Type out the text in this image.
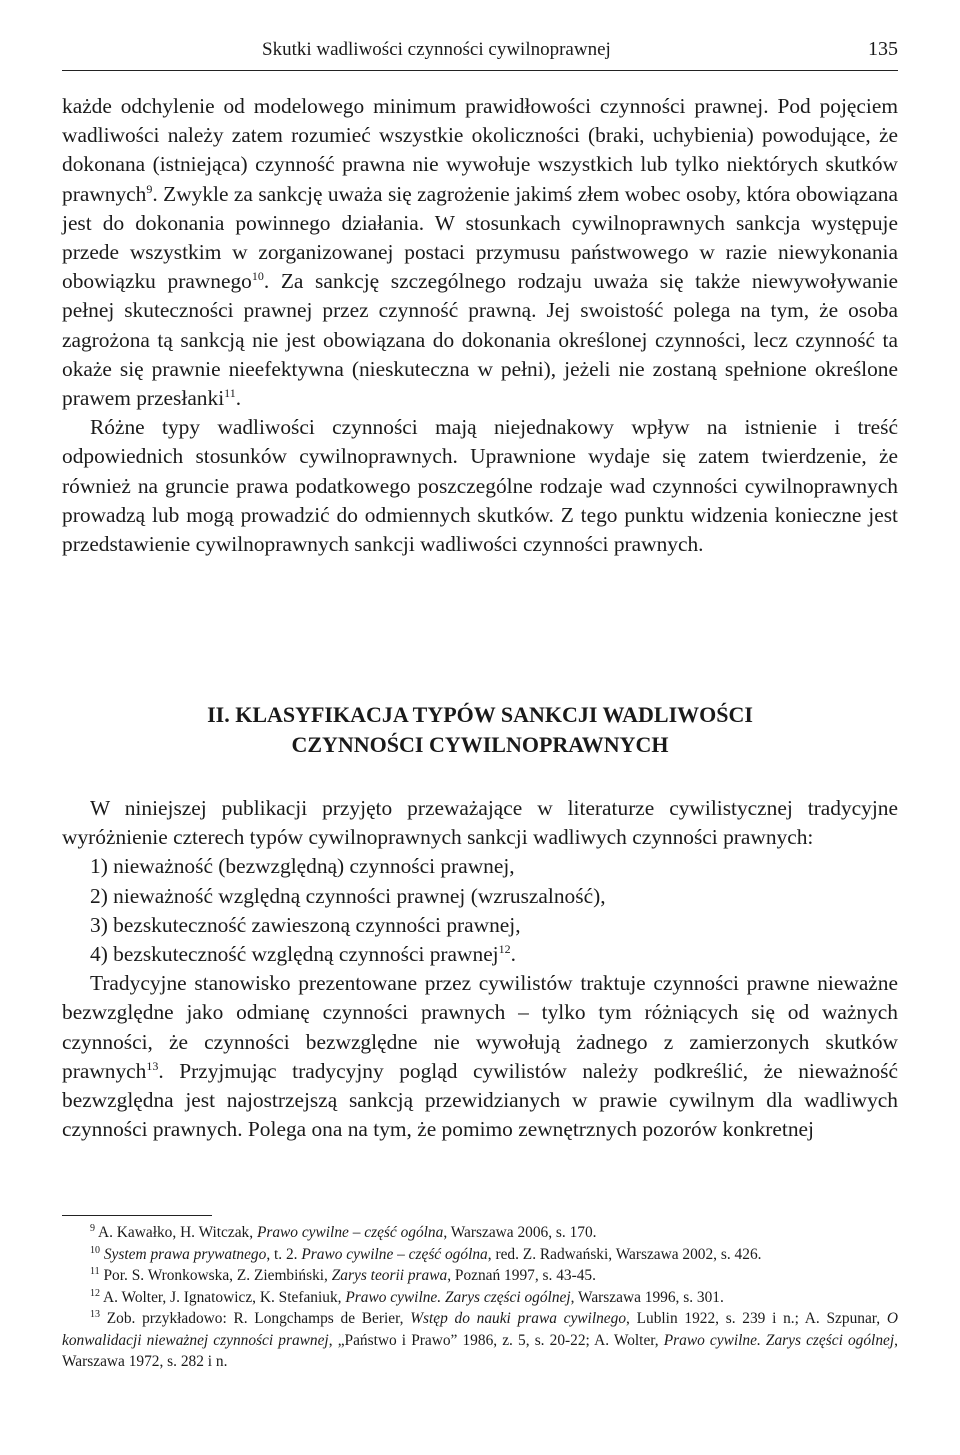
Skutki wadliwości czynności cywilnoprawnej	135

każde odchylenie od modelowego minimum prawidłowości czynności prawnej. Pod pojęciem wadliwości należy zatem rozumieć wszystkie okoliczności (braki, uchybienia) powodujące, że dokonana (istniejąca) czynność prawna nie wywołuje wszystkich lub tylko niektórych skutków prawnych$^9$. Zwykle za sankcję uważa się zagrożenie jakimś złem wobec osoby, która obowiązana jest do dokonania powinnego działania. W stosunkach cywilnoprawnych sankcja występuje przede wszystkim w zorganizowanej postaci przymusu państwowego w razie niewykonania obowiązku prawnego$^{10}$. Za sankcję szczególnego rodzaju uważa się także niewywoływanie pełnej skuteczności prawnej przez czynność prawną. Jej swoistość polega na tym, że osoba zagrożona tą sankcją nie jest obowiązana do dokonania określonej czynności, lecz czynność ta okaże się prawnie nieefektywna (nieskuteczna w pełni), jeżeli nie zostaną spełnione określone prawem przesłanki$^{11}$.

Różne typy wadliwości czynności mają niejednakowy wpływ na istnienie i treść odpowiednich stosunków cywilnoprawnych. Uprawnione wydaje się zatem twierdzenie, że również na gruncie prawa podatkowego poszczególne rodzaje wad czynności cywilnoprawnych prowadzą lub mogą prowadzić do odmiennych skutków. Z tego punktu widzenia konieczne jest przedstawienie cywilnoprawnych sankcji wadliwości czynności prawnych.

II. KLASYFIKACJA TYPÓW SANKCJI WADLIWOŚCI
CZYNNOŚCI CYWILNOPRAWNYCH

W niniejszej publikacji przyjęto przeważające w literaturze cywilistycznej tradycyjne wyróżnienie czterech typów cywilnoprawnych sankcji wadliwych czynności prawnych:

1) nieważność (bezwzględną) czynności prawnej,
2) nieważność względną czynności prawnej (wzruszalność),
3) bezskuteczność zawieszoną czynności prawnej,
4) bezskuteczność względną czynności prawnej$^{12}$.

Tradycyjne stanowisko prezentowane przez cywilistów traktuje czynności prawne nieważne bezwzględne jako odmianę czynności prawnych – tylko tym różniących się od ważnych czynności, że czynności bezwzględne nie wywołują żadnego z zamierzonych skutków prawnych$^{13}$. Przyjmując tradycyjny pogląd cywilistów należy podkreślić, że nieważność bezwzględna jest najostrzejszą sankcją przewidzianych w prawie cywilnym dla wadliwych czynności prawnych. Polega ona na tym, że pomimo zewnętrznych pozorów konkretnej

$^9$ A. Kawałko, H. Witczak, Prawo cywilne – część ogólna, Warszawa 2006, s. 170.

$^{10}$ System prawa prywatnego, t. 2. Prawo cywilne – część ogólna, red. Z. Radwański, Warszawa 2002, s. 426.

$^{11}$ Por. S. Wronkowska, Z. Ziembiński, Zarys teorii prawa, Poznań 1997, s. 43-45.

$^{12}$ A. Wolter, J. Ignatowicz, K. Stefaniuk, Prawo cywilne. Zarys części ogólnej, Warszawa 1996, s. 301.

$^{13}$ Zob. przykładowo: R. Longchamps de Berier, Wstęp do nauki prawa cywilnego, Lublin 1922, s. 239 i n.; A. Szpunar, O konwalidacji nieważnej czynności prawnej, „Państwo i Prawo” 1986, z. 5, s. 20-22; A. Wolter, Prawo cywilne. Zarys części ogólnej, Warszawa 1972, s. 282 i n.
